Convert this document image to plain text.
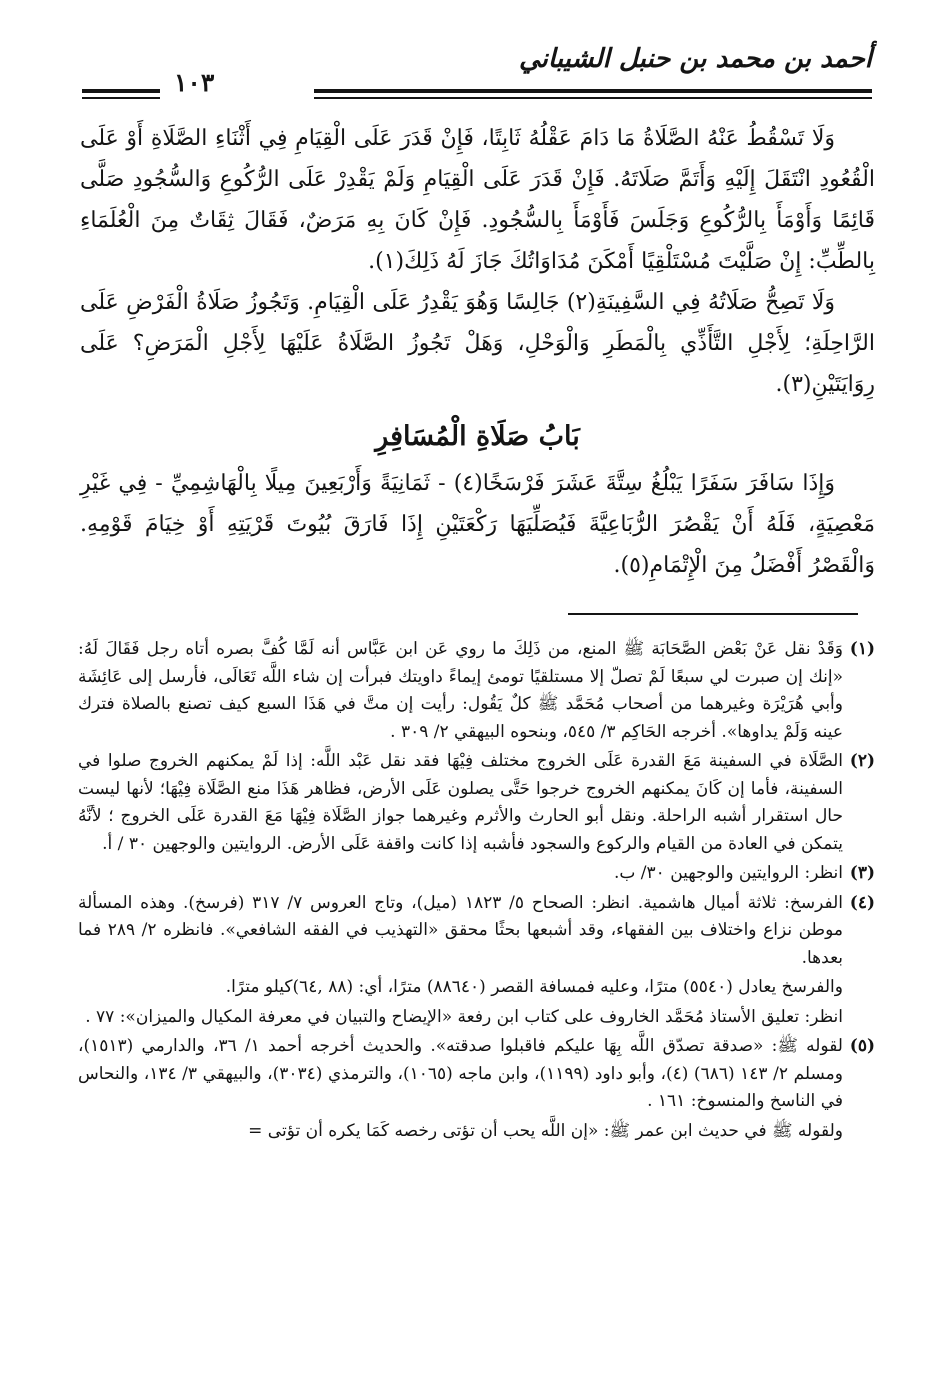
أحمد بن محمد بن حنبل الشيباني
١٠٣

وَلَا تَسْقُطُ عَنْهُ الصَّلَاةُ مَا دَامَ عَقْلُهُ ثَابِتًا، فَإِنْ قَدَرَ عَلَى الْقِيَامِ فِي أَثْنَاءِ الصَّلَاةِ أَوْ عَلَى الْقُعُودِ انْتَقَلَ إِلَيْهِ وَأَتَمَّ صَلَاتَهُ. فَإِنْ قَدَرَ عَلَى الْقِيَامِ وَلَمْ يَقْدِرْ عَلَى الرُّكُوعِ وَالسُّجُودِ صَلَّى قَائِمًا وَأَوْمَأَ بِالرُّكُوعِ وَجَلَسَ فَأَوْمَأَ بِالسُّجُودِ. فَإِنْ كَانَ بِهِ مَرَضٌ، فَقَالَ ثِقَاتٌ مِنَ الْعُلَمَاءِ بِالطِّبِّ: إِنْ صَلَّيْتَ مُسْتَلْقِيًا أَمْكَنَ مُدَاوَاتُكَ جَازَ لَهُ ذَلِكَ(١).

وَلَا تَصِحُّ صَلَاتُهُ فِي السَّفِينَةِ(٢) جَالِسًا وَهُوَ يَقْدِرُ عَلَى الْقِيَامِ. وَتَجُوزُ صَلَاةُ الْفَرْضِ عَلَى الرَّاحِلَةِ؛ لِأَجْلِ التَّأَذِّي بِالْمَطَرِ وَالْوَحْلِ، وَهَلْ تَجُوزُ الصَّلَاةُ عَلَيْهَا لِأَجْلِ الْمَرَضِ؟ عَلَى رِوَايَتَيْنِ(٣).

بَابُ صَلَاةِ الْمُسَافِرِ

وَإِذَا سَافَرَ سَفَرًا يَبْلُغُ سِتَّةَ عَشَرَ فَرْسَخًا(٤) - ثَمَانِيَةً وَأَرْبَعِينَ مِيلًا بِالْهَاشِمِيِّ - فِي غَيْرِ مَعْصِيَةٍ، فَلَهُ أَنْ يَقْصُرَ الرُّبَاعِيَّةَ فَيُصَلِّيَهَا رَكْعَتَيْنِ إِذَا فَارَقَ بُيُوتَ قَرْيَتِهِ أَوْ خِيَامَ قَوْمِهِ. وَالْقَصْرُ أَفْضَلُ مِنَ الْإِتْمَامِ(٥).

(١)
وَقَدْ نقل عَنْ بَعْض الصَّحَابَة ﷺ المنع، من ذَلِكَ ما روي عَن ابن عَبَّاس أنه لَمَّا كُفَّ بصره أتاه رجل فَقَالَ لَهُ: «إنك إن صبرت لي سبعًا لَمْ تصلّ إلا مستلقيًا تومئ إيماءً داويتك فبرأت إن شاء اللَّه تَعَالَى، فأرسل إلى عَائِشَة وأبي هُرَيْرَة وغيرهما من أصحاب مُحَمَّد ﷺ كلٌ يَقُول: رأيت إن متَّ في هَذَا السبع كيف تصنع بالصلاة فترك عينه وَلَمْ يداوها». أخرجه الحَاكِم ٣/ ٥٤٥، وبنحوه البيهقي ٢/ ٣٠٩ .
(٢)
الصَّلَاة في السفينة مَعَ القدرة عَلَى الخروج مختلف فِيْهَا فقد نقل عَبْد اللَّه: إذا لَمْ يمكنهم الخروج صلوا في السفينة، فأما إن كَانَ يمكنهم الخروج خرجوا حَتَّى يصلون عَلَى الأرض، فظاهر هَذَا منع الصَّلَاة فِيْهَا؛ لأنها ليست حال استقرار أشبه الراحلة. ونقل أبو الحارث والأثرم وغيرهما جواز الصَّلَاة فِيْهَا مَعَ القدرة عَلَى الخروج ؛ لأنَّهُ يتمكن في العادة من القيام والركوع والسجود فأشبه إذا كانت واقفة عَلَى الأرض. الروايتين والوجهين ٣٠ / أ.
(٣)
انظر: الروايتين والوجهين ٣٠/ ب.
(٤)
الفرسخ: ثلاثة أميال هاشمية. انظر: الصحاح ٥/ ١٨٢٣ (ميل)، وتاج العروس ٧/ ٣١٧ (فرسخ). وهذه المسألة موطن نزاع واختلاف بين الفقهاء، وقد أشبعها بحثًا محقق «التهذيب في الفقه الشافعي». فانظره ٢/ ٢٨٩ فما بعدها.
والفرسخ يعادل (٥٥٤٠) مترًا، وعليه فمسافة القصر (٨٨٦٤٠) مترًا، أي: (٨٨ ,٦٤)كيلو مترًا.
انظر: تعليق الأستاذ مُحَمَّد الخاروف على كتاب ابن رفعة «الإيضاح والتبيان في معرفة المكيال والميزان»: ٧٧ .
(٥)
لقوله ﷺ: «صدقة تصدّق اللَّه بِهَا عليكم فاقبلوا صدقته». والحديث أخرجه أحمد ١/ ٣٦، والدارمي (١٥١٣)، ومسلم ٢/ ١٤٣ (٦٨٦) (٤)، وأبو داود (١١٩٩)، وابن ماجه (١٠٦٥)، والترمذي (٣٠٣٤)، والبيهقي ٣/ ١٣٤، والنحاس في الناسخ والمنسوخ: ١٦١ .
ولقوله ﷺ في حديث ابن عمر ﷺ: «إن اللَّه يحب أن تؤتى رخصه كَمَا يكره أن تؤتى =
